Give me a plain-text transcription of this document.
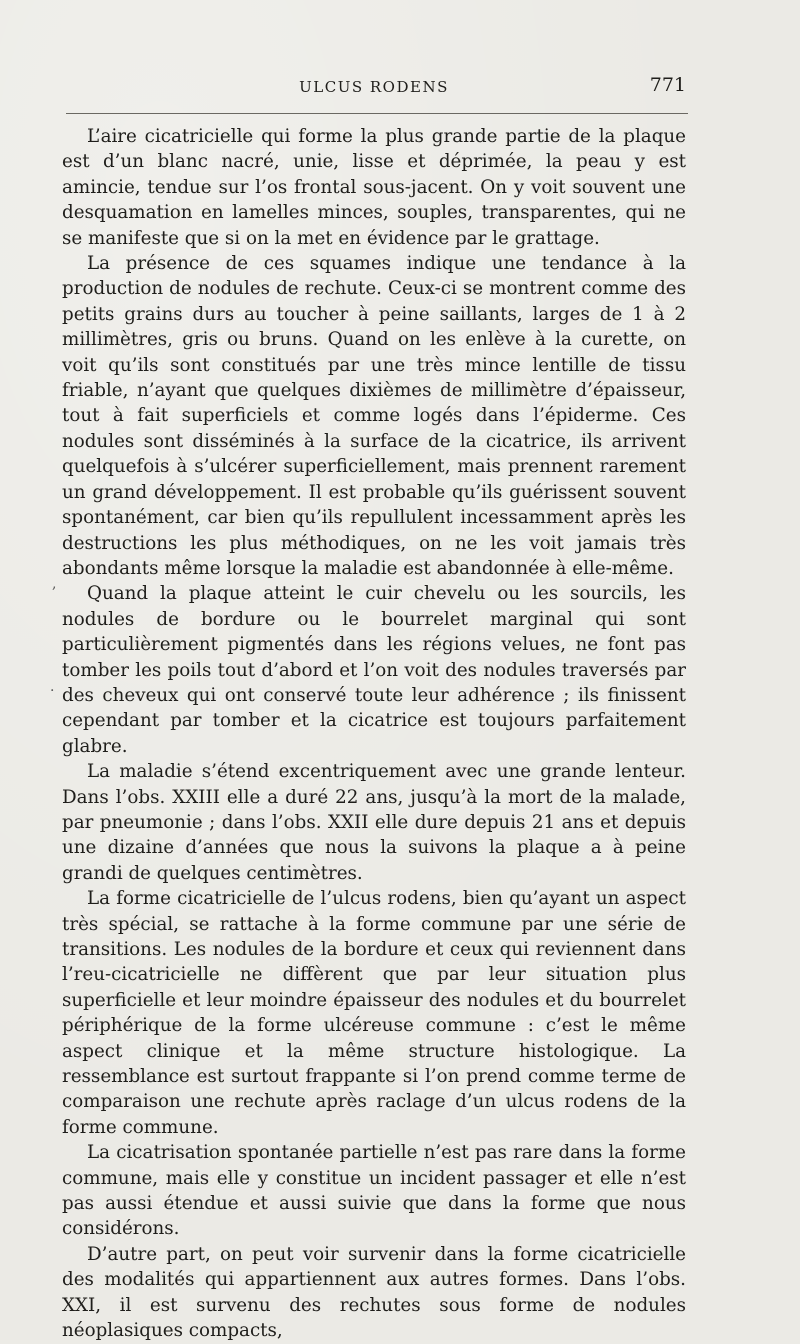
ULCUS RODENS	771

L’aire cicatricielle qui forme la plus grande partie de la plaque est d’un blanc nacré, unie, lisse et déprimée, la peau y est amincie, tendue sur l’os frontal sous-jacent. On y voit souvent une desquamation en lamelles minces, souples, transparentes, qui ne se manifeste que si on la met en évidence par le grattage.

La présence de ces squames indique une tendance à la production de nodules de rechute. Ceux-ci se montrent comme des petits grains durs au toucher à peine saillants, larges de 1 à 2 millimètres, gris ou bruns. Quand on les enlève à la curette, on voit qu’ils sont constitués par une très mince lentille de tissu friable, n’ayant que quelques dixièmes de millimètre d’épaisseur, tout à fait superficiels et comme logés dans l’épiderme. Ces nodules sont disséminés à la surface de la cicatrice, ils arrivent quelquefois à s’ulcérer superficiellement, mais prennent rarement un grand développement. Il est probable qu’ils guérissent souvent spontanément, car bien qu’ils repullulent incessamment après les destructions les plus méthodiques, on ne les voit jamais très abondants même lorsque la maladie est abandonnée à elle-même.

Quand la plaque atteint le cuir chevelu ou les sourcils, les nodules de bordure ou le bourrelet marginal qui sont particulièrement pigmentés dans les régions velues, ne font pas tomber les poils tout d’abord et l’on voit des nodules traversés par des cheveux qui ont conservé toute leur adhérence ; ils finissent cependant par tomber et la cicatrice est toujours parfaitement glabre.

La maladie s’étend excentriquement avec une grande lenteur. Dans l’obs. XXIII elle a duré 22 ans, jusqu’à la mort de la malade, par pneumonie ; dans l’obs. XXII elle dure depuis 21 ans et depuis une dizaine d’années que nous la suivons la plaque a à peine grandi de quelques centimètres.

La forme cicatricielle de l’ulcus rodens, bien qu’ayant un aspect très spécial, se rattache à la forme commune par une série de transitions. Les nodules de la bordure et ceux qui reviennent dans l’reu-cicatricielle ne diffèrent que par leur situation plus superficielle et leur moindre épaisseur des nodules et du bourrelet périphérique de la forme ulcéreuse commune : c’est le même aspect clinique et la même structure histologique. La ressemblance est surtout frappante si l’on prend comme terme de comparaison une rechute après raclage d’un ulcus rodens de la forme commune.

La cicatrisation spontanée partielle n’est pas rare dans la forme commune, mais elle y constitue un incident passager et elle n’est pas aussi étendue et aussi suivie que dans la forme que nous considérons.

D’autre part, on peut voir survenir dans la forme cicatricielle des modalités qui appartiennent aux autres formes. Dans l’obs. XXI, il est survenu des rechutes sous forme de nodules néoplasiques compacts,

,
·
